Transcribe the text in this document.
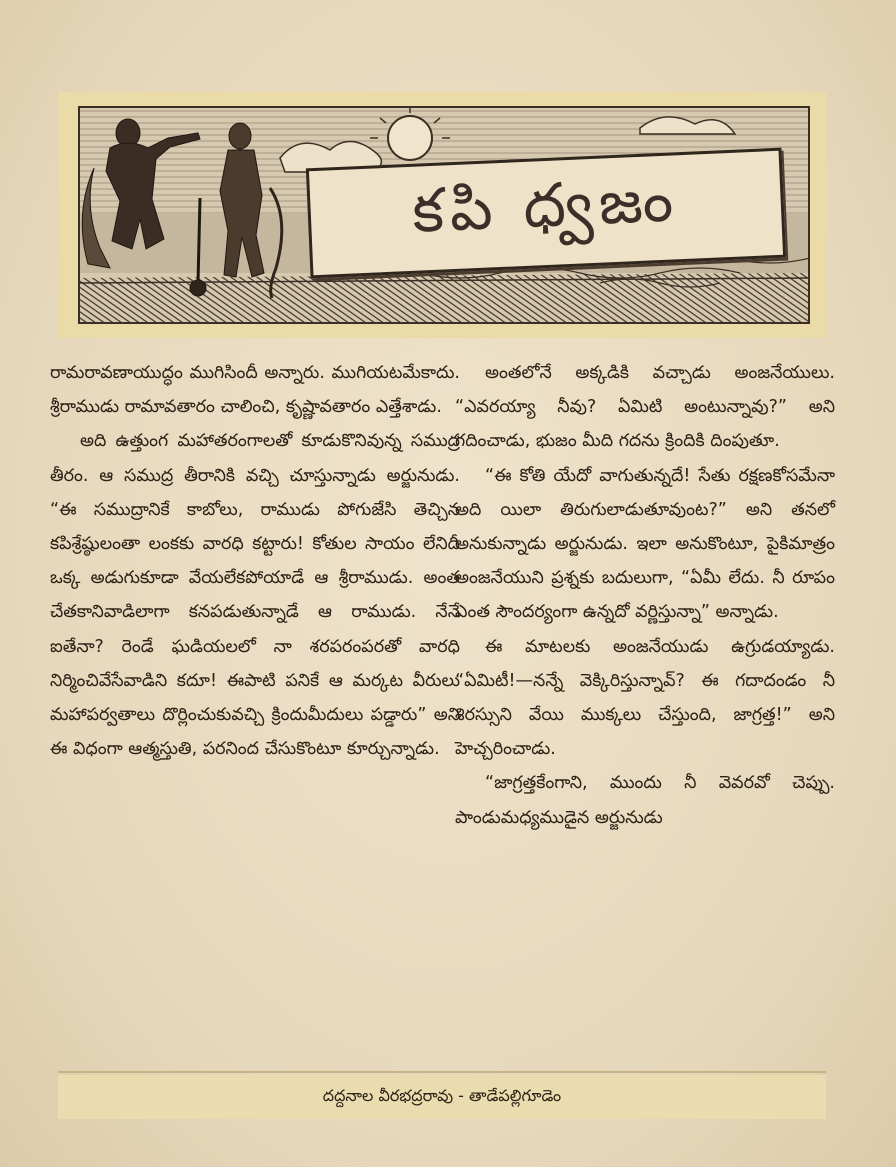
కపి ధ్వజం

రామరావణాయుద్ధం ముగిసిందీ అన్నారు. ముగియటమేకాదు. శ్రీరాముడు రామావతారం చాలించి, కృష్ణావతారం ఎత్తేశాడు.

అది ఉత్తుంగ మహాతరంగాలతో కూడుకొనివున్న సముద్ర తీరం. ఆ సముద్ర తీరానికి వచ్చి చూస్తున్నాడు అర్జునుడు. “ఈ సముద్రానికే కాబోలు, రాముడు పోగుజేసి తెచ్చిన కపిశ్రేష్ఠులంతా లంకకు వారధి కట్టారు! కోతుల సాయం లేనిదీ ఒక్క అడుగుకూడా వేయలేకపోయాడే ఆ శ్రీరాముడు. అంత చేతకానివాడిలాగా కనపడుతున్నాడే ఆ రాముడు. నేనే ఐతేనా? రెండే ఘడియలలో నా శరపరంపరతో వారధి నిర్మించివేసేవాడిని కదూ! ఈపాటి పనికే ఆ మర్కట వీరులు మహాపర్వతాలు దొర్లించుకువచ్చి క్రిందుమీదులు పడ్డారు” అని ఈ విధంగా ఆత్మస్తుతి, పరనింద చేసుకొంటూ కూర్చున్నాడు.

అంతలోనే అక్కడికి వచ్చాడు అంజనేయులు. “ఎవరయ్యా నీవు? ఏమిటి అంటున్నావు?” అని గదించాడు, భుజం మీది గదను క్రిందికి దింపుతూ.

“ఈ కోతి యేదో వాగుతున్నదే! సేతు రక్షణకోసమేనా అది యిలా తిరుగులాడుతూవుంట?” అని తనలో అనుకున్నాడు అర్జునుడు. ఇలా అనుకొంటూ, పైకిమాత్రం అంజనేయుని ప్రశ్నకు బదులుగా, “ఏమీ లేదు. నీ రూపం ఎంత సౌందర్యంగా ఉన్నదో వర్ణిస్తున్నా” అన్నాడు.

ఈ మాటలకు అంజనేయుడు ఉగ్రుడయ్యాడు. “ఏమిటీ!—నన్నే వెక్కిరిస్తున్నావ్? ఈ గదాదండం నీ శిరస్సుని వేయి ముక్కలు చేస్తుంది, జాగ్రత్త!” అని హెచ్చరించాడు.

“జాగ్రత్తకేంగాని, ముందు నీ వెవరవో చెప్పు. పాండుమధ్యముడైన అర్జునుడు

దద్దనాల వీరభద్రరావు - తాడేపల్లిగూడెం
